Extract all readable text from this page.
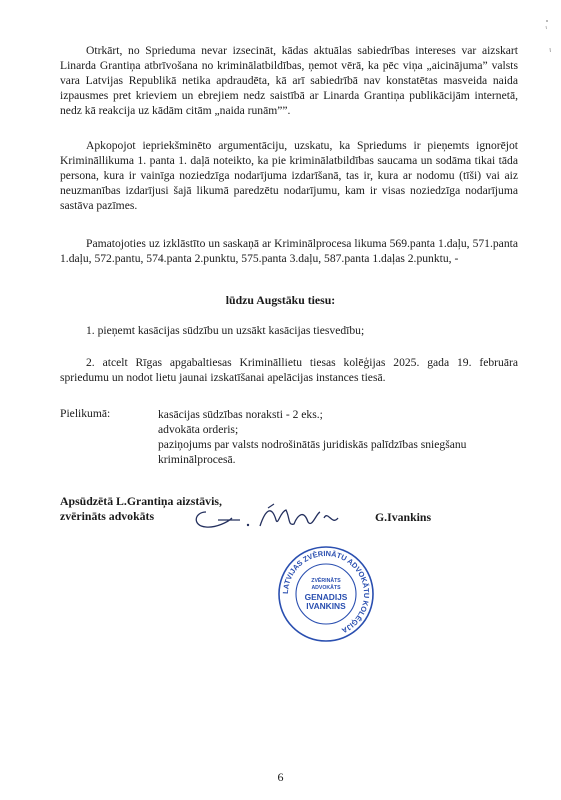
Otrkārt, no Sprieduma nevar izsecināt, kādas aktuālas sabiedrības intereses var aizskart Linarda Grantiņa atbrīvošana no kriminālatbildības, ņemot vērā, ka pēc viņa „aicinājuma” valsts vara Latvijas Republikā netika apdraudēta, kā arī sabiedrībā nav konstatētas masveida naida izpausmes pret krieviem un ebrejiem nedz saistībā ar Linarda Grantiņa publikācijām internetā, nedz kā reakcija uz kādām citām „naida runām””.

Apkopojot iepriekšminēto argumentāciju, uzskatu, ka Spriedums ir pieņemts ignorējot Krimināllikuma 1. panta 1. daļā noteikto, ka pie kriminālatbildības saucama un sodāma tikai tāda persona, kura ir vainīga noziedzīga nodarījuma izdarīšanā, tas ir, kura ar nodomu (tīši) vai aiz neuzmanības izdarījusi šajā likumā paredzētu nodarījumu, kam ir visas noziedzīga nodarījuma sastāva pazīmes.

Pamatojoties uz izklāstīto un saskaņā ar Kriminālprocesa likuma 569.panta 1.daļu, 571.panta 1.daļu, 572.pantu, 574.panta 2.punktu, 575.panta 3.daļu, 587.panta 1.daļas 2.punktu, -

lūdzu Augstāku tiesu:

1. pieņemt kasācijas sūdzību un uzsākt kasācijas tiesvedību;

2. atcelt Rīgas apgabaltiesas Krimināllietu tiesas kolēģijas 2025. gada 19. februāra spriedumu un nodot lietu jaunai izskatīšanai apelācijas instances tiesā.

Pielikumā:	kasācijas sūdzības noraksti - 2 eks.;
advokāta orderis;
paziņojums par valsts nodrošinātās juridiskās palīdzības sniegšanu kriminālprocesā.
Apsūdzētā L.Grantiņa aizstāvis,
zvērināts advokāts	G.Ivankins
LATVIJAS ZVĒRINĀTU ADVOKĀTU KOLĒĢIJA
ZVĒRINĀTS
ADVOKĀTS
GENADIJS
IVANKINS
6
